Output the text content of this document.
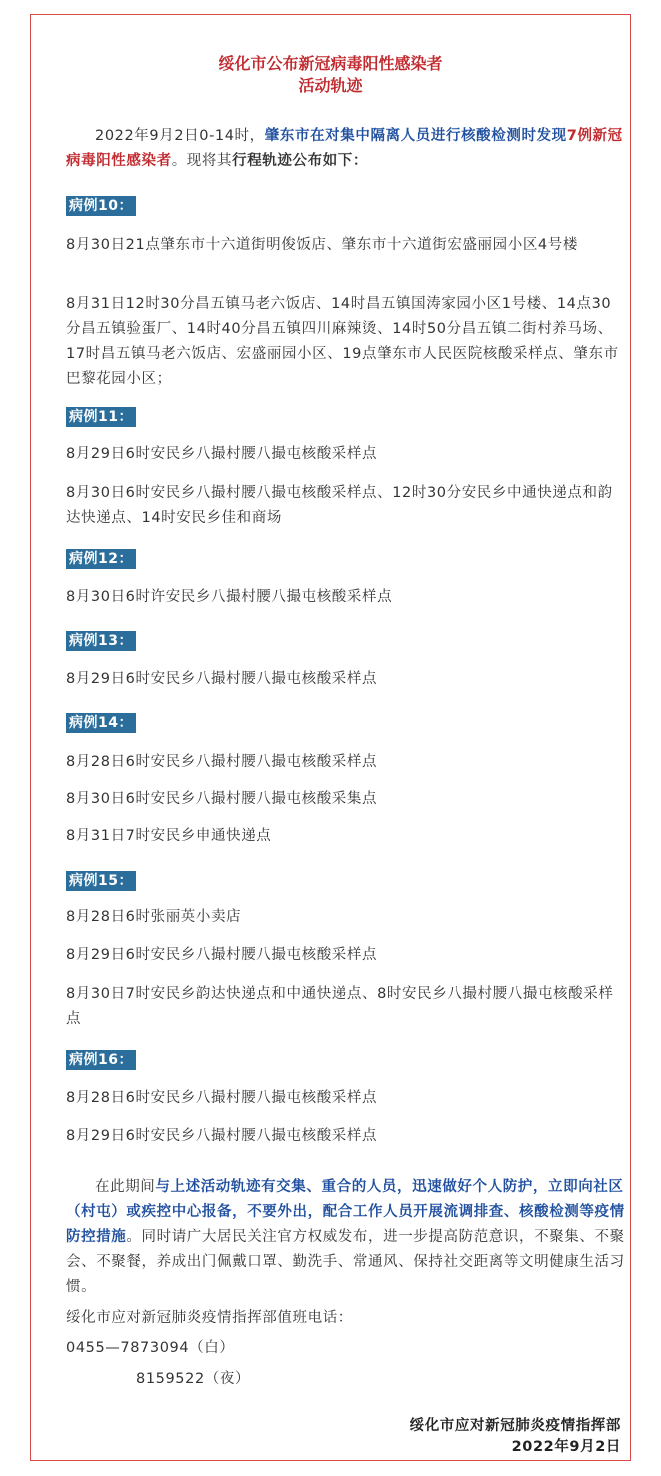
绥化市公布新冠病毒阳性感染者
活动轨迹
2022年9月2日0-14时，肇东市在对集中隔离人员进行核酸检测时发现7例新冠病毒阳性感染者。现将其行程轨迹公布如下：
病例10：
8月30日21点肇东市十六道街明俊饭店、肇东市十六道街宏盛丽园小区4号楼
8月31日12时30分昌五镇马老六饭店、14时昌五镇国涛家园小区1号楼、14点30分昌五镇验蛋厂、14时40分昌五镇四川麻辣烫、14时50分昌五镇二街村养马场、17时昌五镇马老六饭店、宏盛丽园小区、19点肇东市人民医院核酸采样点、肇东市巴黎花园小区；
病例11：
8月29日6时安民乡八撮村腰八撮屯核酸采样点
8月30日6时安民乡八撮村腰八撮屯核酸采样点、12时30分安民乡中通快递点和韵达快递点、14时安民乡佳和商场
病例12：
8月30日6时许安民乡八撮村腰八撮屯核酸采样点
病例13：
8月29日6时安民乡八撮村腰八撮屯核酸采样点
病例14：
8月28日6时安民乡八撮村腰八撮屯核酸采样点
8月30日6时安民乡八撮村腰八撮屯核酸采集点
8月31日7时安民乡申通快递点
病例15：
8月28日6时张丽英小卖店
8月29日6时安民乡八撮村腰八撮屯核酸采样点
8月30日7时安民乡韵达快递点和中通快递点、8时安民乡八撮村腰八撮屯核酸采样点
病例16：
8月28日6时安民乡八撮村腰八撮屯核酸采样点
8月29日6时安民乡八撮村腰八撮屯核酸采样点
在此期间与上述活动轨迹有交集、重合的人员，迅速做好个人防护，立即向社区（村屯）或疾控中心报备，不要外出，配合工作人员开展流调排查、核酸检测等疫情防控措施。同时请广大居民关注官方权威发布，进一步提高防范意识，不聚集、不聚会、不聚餐，养成出门佩戴口罩、勤洗手、常通风、保持社交距离等文明健康生活习惯。
绥化市应对新冠肺炎疫情指挥部值班电话：
0455—7873094（白）
8159522（夜）
绥化市应对新冠肺炎疫情指挥部
2022年9月2日
